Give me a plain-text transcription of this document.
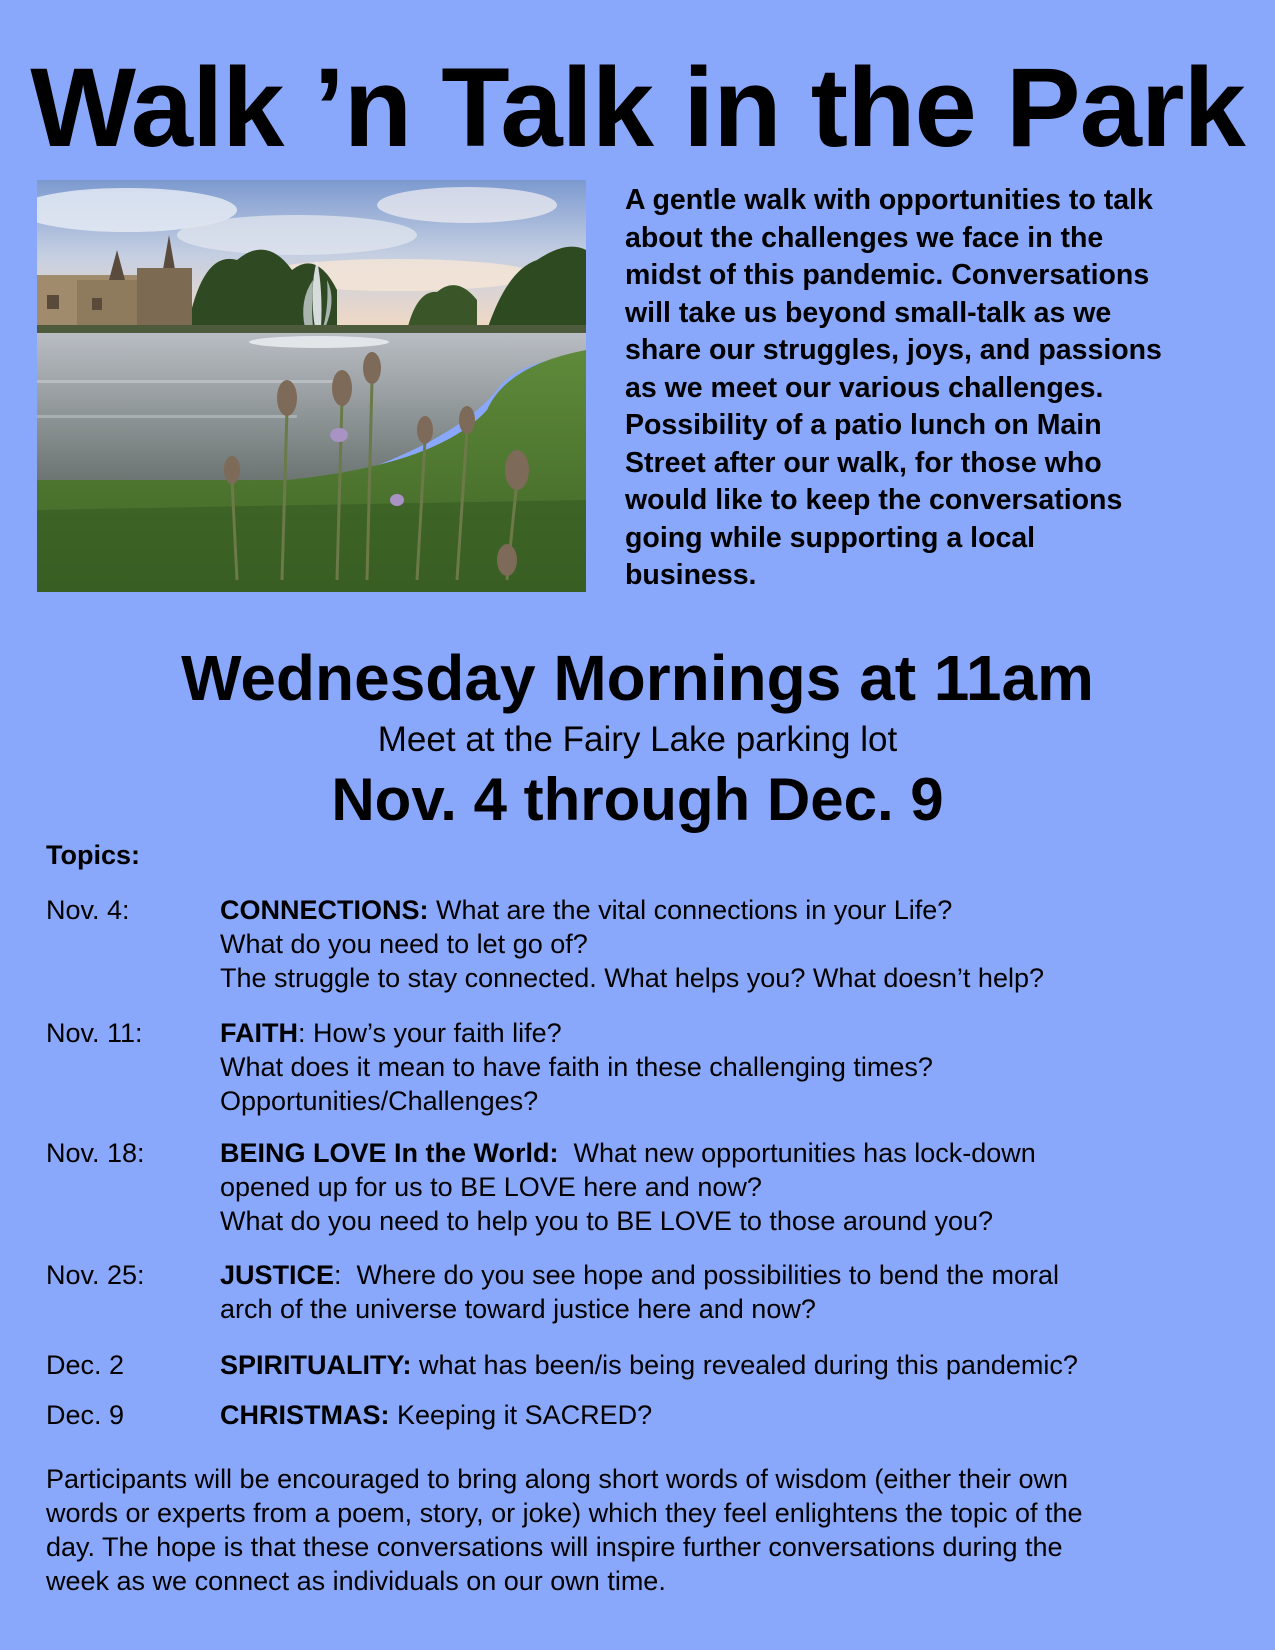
Walk ’n Talk in the Park
A gentle walk with opportunities to talk
about the challenges we face in the
midst of this pandemic. Conversations
will take us beyond small-talk as we
share our struggles, joys, and passions
as we meet our various challenges.
Possibility of a patio lunch on Main
Street after our walk, for those who
would like to keep the conversations
going while supporting a local
business.
Wednesday Mornings at 11am
Meet at the Fairy Lake parking lot
Nov. 4 through Dec. 9
Topics:
Nov. 4:	CONNECTIONS: What are the vital connections in your Life?
What do you need to let go of?
The struggle to stay connected. What helps you? What doesn’t help?
Nov. 11:	FAITH: How’s your faith life?
What does it mean to have faith in these challenging times?
Opportunities/Challenges?
Nov. 18:	BEING LOVE In the World:  What new opportunities has lock-down
opened up for us to BE LOVE here and now?
What do you need to help you to BE LOVE to those around you?
Nov. 25:	JUSTICE:  Where do you see hope and possibilities to bend the moral
arch of the universe toward justice here and now?
Dec. 2	SPIRITUALITY: what has been/is being revealed during this pandemic?
Dec. 9	CHRISTMAS: Keeping it SACRED?
Participants will be encouraged to bring along short words of wisdom (either their own
words or experts from a poem, story, or joke) which they feel enlightens the topic of the
day. The hope is that these conversations will inspire further conversations during the
week as we connect as individuals on our own time.
